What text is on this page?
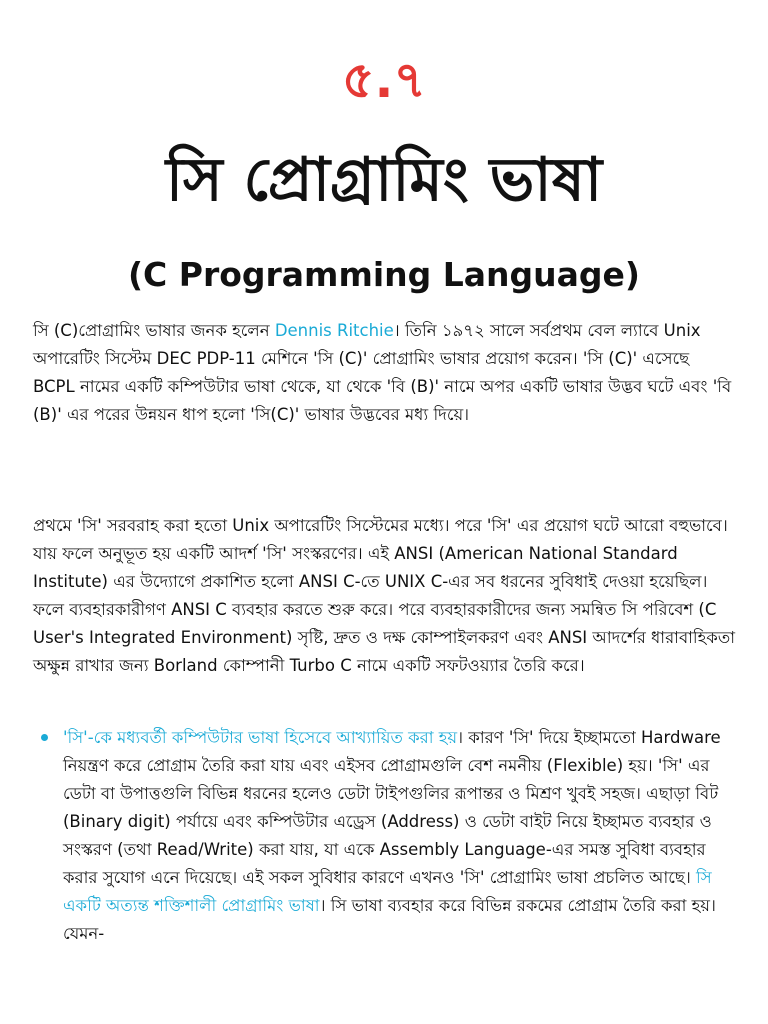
৫.৭
সি প্রোগ্রামিং ভাষা
(C Programming Language)

সি (C)প্রোগ্রামিং ভাষার জনক হলেন Dennis Ritchie। তিনি ১৯৭২ সালে সর্বপ্রথম বেল ল্যাবে Unix অপারেটিং সিস্টেম DEC PDP-11 মেশিনে 'সি (C)' প্রোগ্রামিং ভাষার প্রয়োগ করেন। 'সি (C)' এসেছে BCPL নামের একটি কম্পিউটার ভাষা থেকে, যা থেকে 'বি (B)' নামে অপর একটি ভাষার উদ্ভব ঘটে এবং 'বি (B)' এর পরের উন্নয়ন ধাপ হলো 'সি(C)' ভাষার উদ্ভবের মধ্য দিয়ে।

প্রথমে 'সি' সরবরাহ করা হতো Unix অপারেটিং সিস্টেমের মধ্যে। পরে 'সি' এর প্রয়োগ ঘটে আরো বহুভাবে। যায় ফলে অনুভূত হয় একটি আদর্শ 'সি' সংস্করণের। এই ANSI (American National Standard Institute) এর উদ্যোগে প্রকাশিত হলো ANSI C-তে UNIX C-এর সব ধরনের সুবিধাই দেওয়া হয়েছিল। ফলে ব্যবহারকারীগণ ANSI C ব্যবহার করতে শুরু করে। পরে ব্যবহারকারীদের জন্য সমন্বিত সি পরিবেশ (C User's Integrated Environment) সৃষ্টি, দ্রুত ও দক্ষ কোম্পাইলকরণ এবং ANSI আদর্শের ধারাবাহিকতা অক্ষুন্ন রাখার জন্য Borland কোম্পানী Turbo C নামে একটি সফটওয়্যার তৈরি করে।

'সি'-কে মধ্যবর্তী কম্পিউটার ভাষা হিসেবে আখ্যায়িত করা হয়। কারণ 'সি' দিয়ে ইচ্ছামতো Hardware নিয়ন্ত্রণ করে প্রোগ্রাম তৈরি করা যায় এবং এইসব প্রোগ্রামগুলি বেশ নমনীয় (Flexible) হয়। 'সি' এর ডেটা বা উপাত্তগুলি বিভিন্ন ধরনের হলেও ডেটা টাইপগুলির রূপান্তর ও মিশ্রণ খুবই সহজ। এছাড়া বিট (Binary digit) পর্যায়ে এবং কম্পিউটার এড্রেস (Address) ও ডেটা বাইট নিয়ে ইচ্ছামত ব্যবহার ও সংস্করণ (তথা Read/Write) করা যায়, যা একে Assembly Language-এর সমস্ত সুবিধা ব্যবহার করার সুযোগ এনে দিয়েছে। এই সকল সুবিধার কারণে এখনও 'সি' প্রোগ্রামিং ভাষা প্রচলিত আছে। সি একটি অত্যন্ত শক্তিশালী প্রোগ্রামিং ভাষা। সি ভাষা ব্যবহার করে বিভিন্ন রকমের প্রোগ্রাম তৈরি করা হয়। যেমন-
